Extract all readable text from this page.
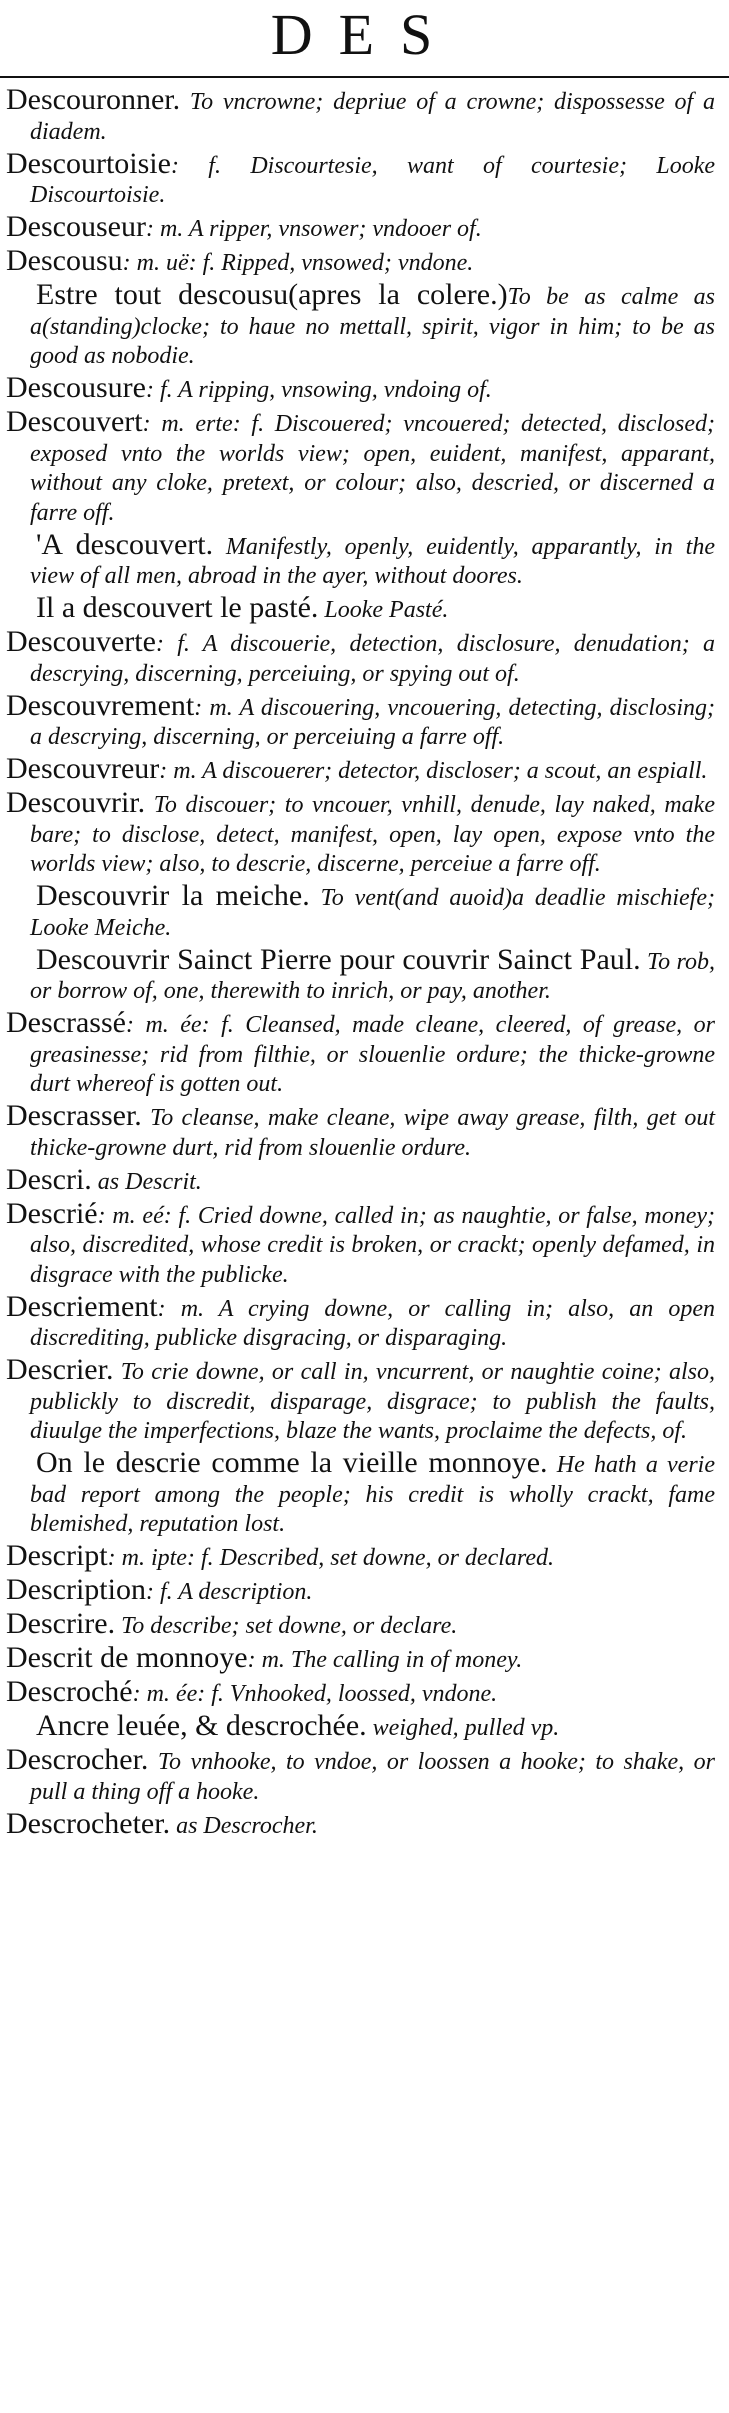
DES

Descouronner. To vncrowne; depriue of a crowne; dispossesse of a diadem.

Descourtoisie: f. Discourtesie, want of courtesie; Looke Discourtoisie.

Descouseur: m. A ripper, vnsower; vndooer of.

Descousu: m. uë: f. Ripped, vnsowed; vndone.

Estre tout descousu(apres la colere.)To be as calme as a(standing)clocke; to haue no mettall, spirit, vigor in him; to be as good as nobodie.

Descousure: f. A ripping, vnsowing, vndoing of.

Descouvert: m. erte: f. Discouered; vncouered; detected, disclosed; exposed vnto the worlds view; open, euident, manifest, apparant, without any cloke, pretext, or colour; also, descried, or discerned a farre off.

'A descouvert. Manifestly, openly, euidently, apparantly, in the view of all men, abroad in the ayer, without doores.

Il a descouvert le pasté. Looke Pasté.

Descouverte: f. A discouerie, detection, disclosure, denudation; a descrying, discerning, perceiuing, or spying out of.

Descouvrement: m. A discouering, vncouering, detecting, disclosing; a descrying, discerning, or perceiuing a farre off.

Descouvreur: m. A discouerer; detector, discloser; a scout, an espiall.

Descouvrir. To discouer; to vncouer, vnhill, denude, lay naked, make bare; to disclose, detect, manifest, open, lay open, expose vnto the worlds view; also, to descrie, discerne, perceiue a farre off.

Descouvrir la meiche. To vent(and auoid)a deadlie mischiefe; Looke Meiche.

Descouvrir Sainct Pierre pour couvrir Sainct Paul. To rob, or borrow of, one, therewith to inrich, or pay, another.

Descrassé: m. ée: f. Cleansed, made cleane, cleered, of grease, or greasinesse; rid from filthie, or slouenlie ordure; the thicke-growne durt whereof is gotten out.

Descrasser. To cleanse, make cleane, wipe away grease, filth, get out thicke-growne durt, rid from slouenlie ordure.

Descri. as Descrit.

Descrié: m. eé: f. Cried downe, called in; as naughtie, or false, money; also, discredited, whose credit is broken, or crackt; openly defamed, in disgrace with the publicke.

Descriement: m. A crying downe, or calling in; also, an open discrediting, publicke disgracing, or disparaging.

Descrier. To crie downe, or call in, vncurrent, or naughtie coine; also, publickly to discredit, disparage, disgrace; to publish the faults, diuulge the imperfections, blaze the wants, proclaime the defects, of.

On le descrie comme la vieille monnoye. He hath a verie bad report among the people; his credit is wholly crackt, fame blemished, reputation lost.

Descript: m. ipte: f. Described, set downe, or declared.

Description: f. A description.

Descrire. To describe; set downe, or declare.

Descrit de monnoye: m. The calling in of money.

Descroché: m. ée: f. Vnhooked, loossed, vndone.

Ancre leuée, & descrochée. weighed, pulled vp.

Descrocher. To vnhooke, to vndoe, or loossen a hooke; to shake, or pull a thing off a hooke.

Descrocheter. as Descrocher.
